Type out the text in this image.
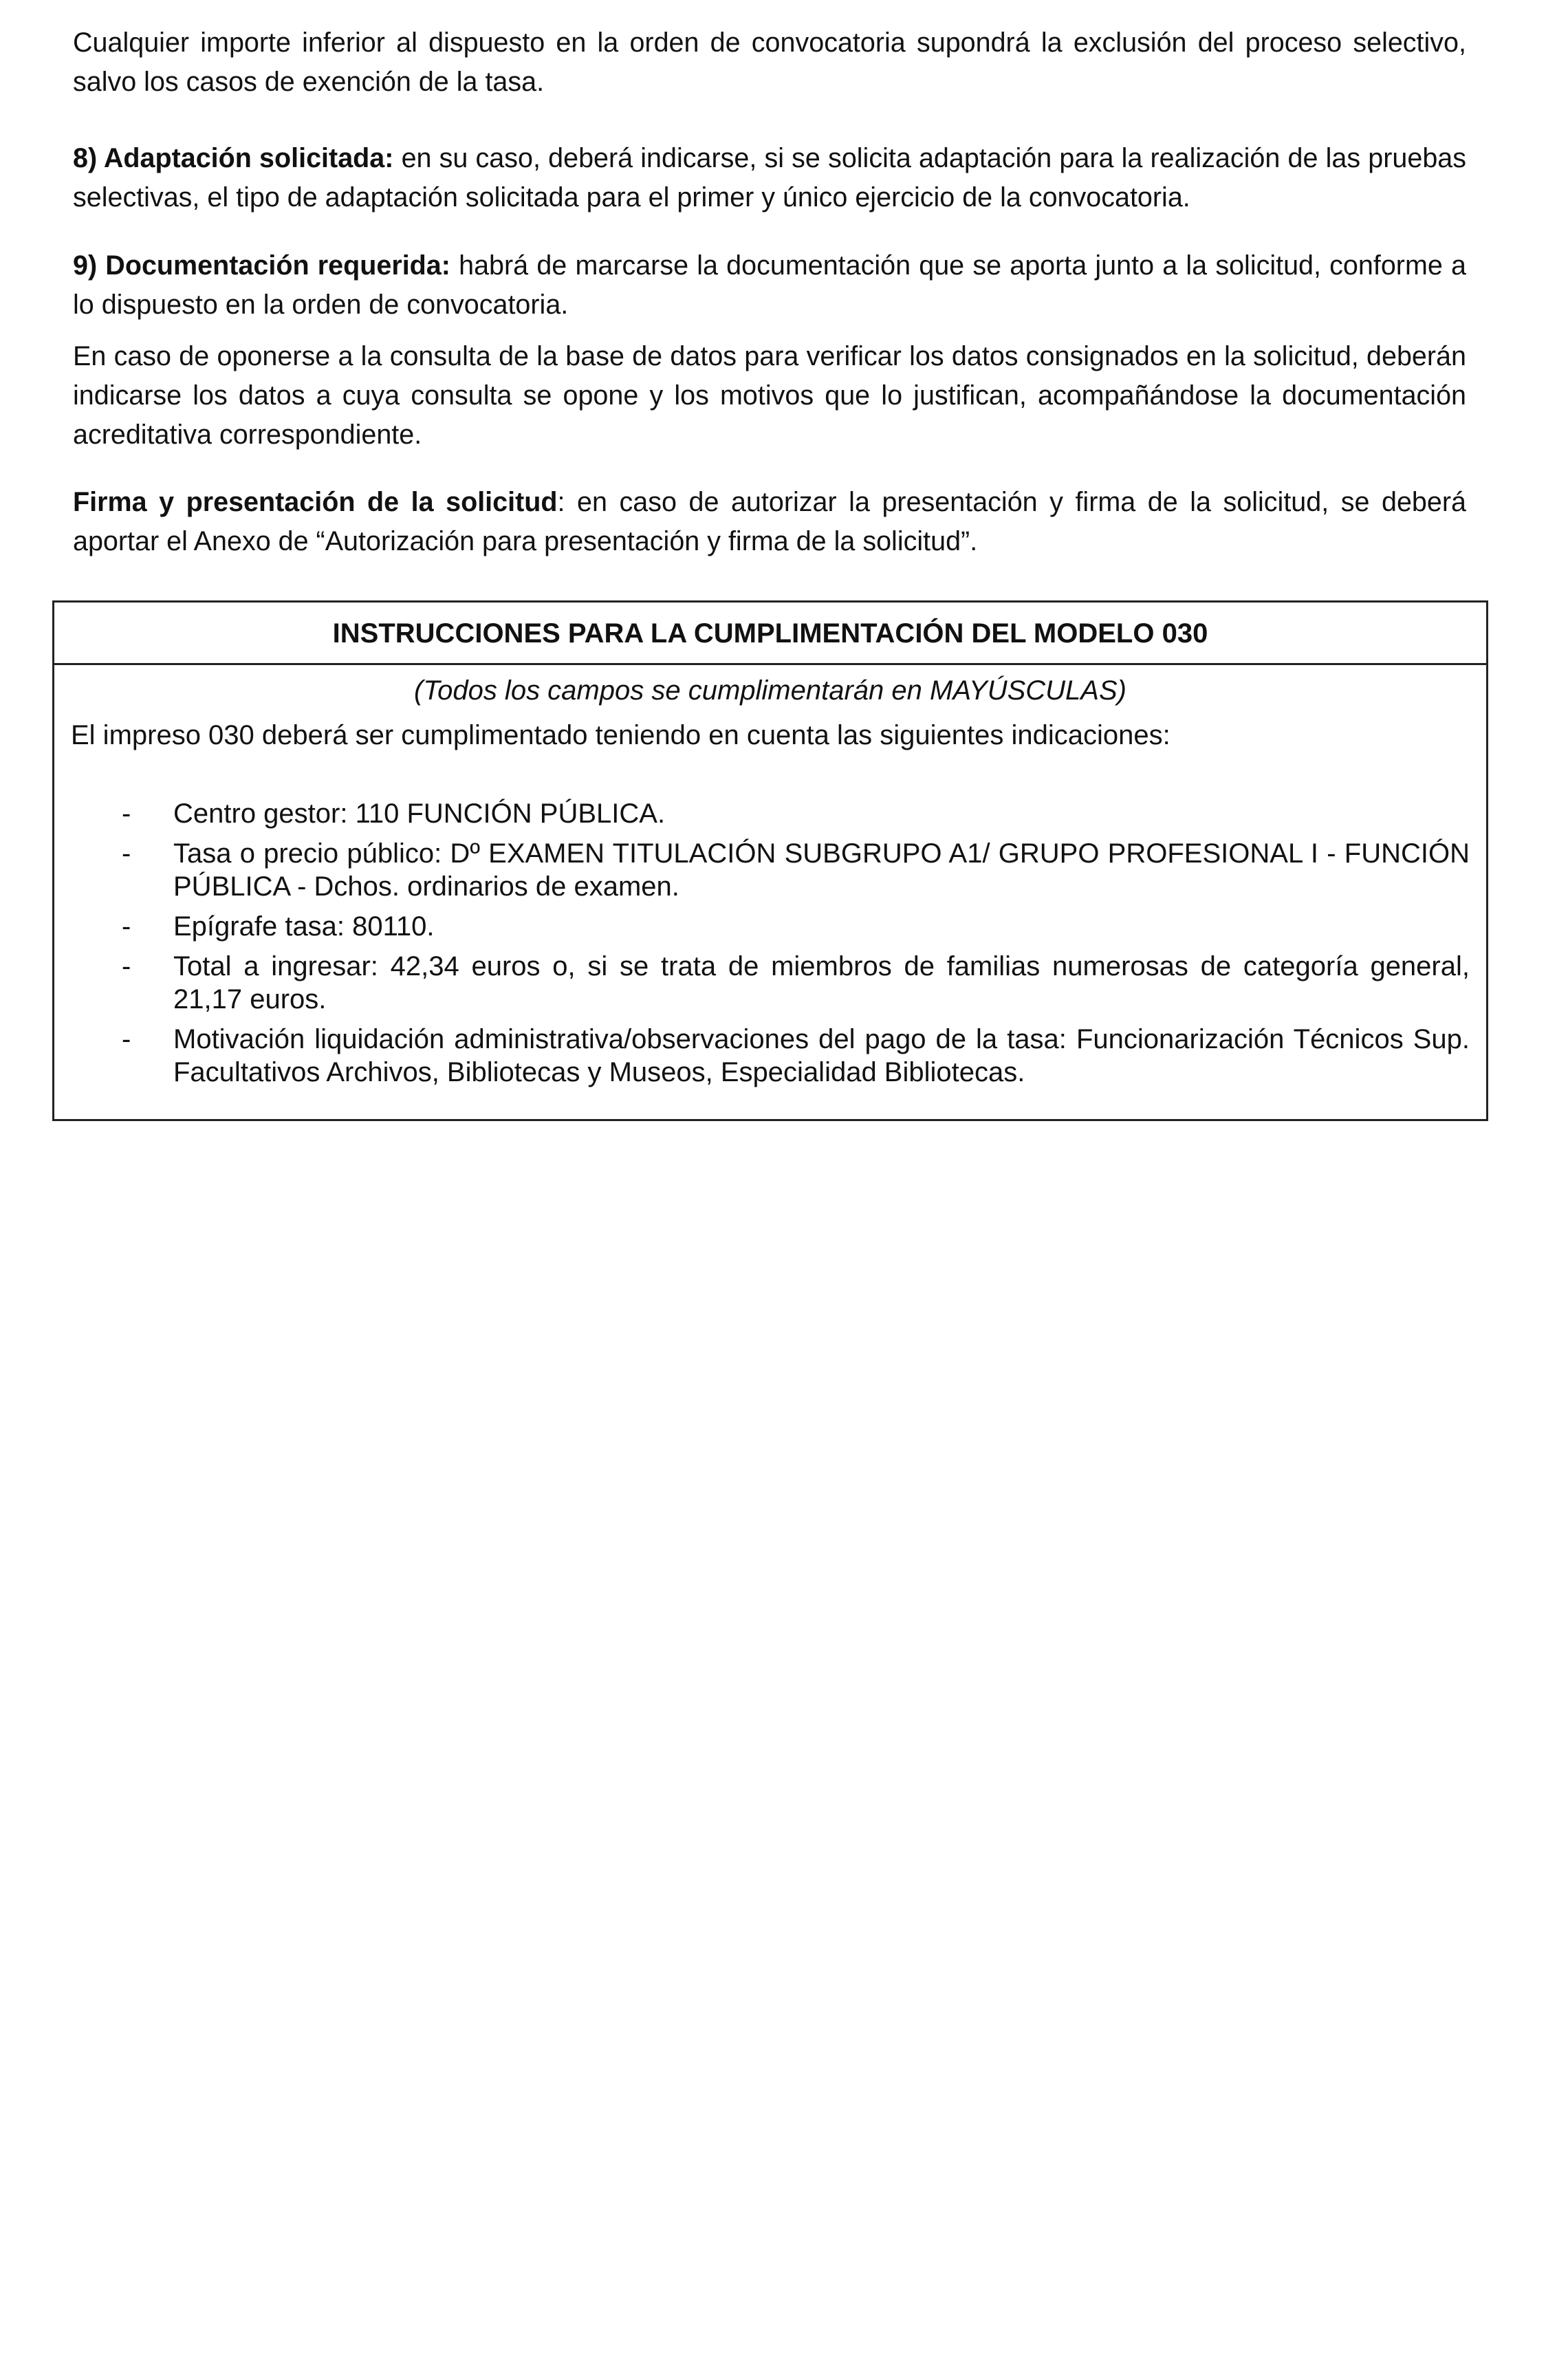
Cualquier importe inferior al dispuesto en la orden de convocatoria supondrá la exclusión del proceso selectivo, salvo los casos de exención de la tasa.

8) Adaptación solicitada: en su caso, deberá indicarse, si se solicita adaptación para la realización de las pruebas selectivas, el tipo de adaptación solicitada para el primer y único ejercicio de la convocatoria.

9) Documentación requerida: habrá de marcarse la documentación que se aporta junto a la solicitud, conforme a lo dispuesto en la orden de convocatoria.

En caso de oponerse a la consulta de la base de datos para verificar los datos consignados en la solicitud, deberán indicarse los datos a cuya consulta se opone y los motivos que lo justifican, acompañándose la documentación acreditativa correspondiente.

Firma y presentación de la solicitud: en caso de autorizar la presentación y firma de la solicitud, se deberá aportar el Anexo de “Autorización para presentación y firma de la solicitud”.

INSTRUCCIONES PARA LA CUMPLIMENTACIÓN DEL MODELO 030
(Todos los campos se cumplimentarán en MAYÚSCULAS)
El impreso 030 deberá ser cumplimentado teniendo en cuenta las siguientes indicaciones:
- Centro gestor: 110 FUNCIÓN PÚBLICA.
- Tasa o precio público: Dº EXAMEN TITULACIÓN SUBGRUPO A1/ GRUPO PROFESIONAL I - FUNCIÓN PÚBLICA - Dchos. ordinarios de examen.
- Epígrafe tasa: 80110.
- Total a ingresar: 42,34 euros o, si se trata de miembros de familias numerosas de categoría general, 21,17 euros.
- Motivación liquidación administrativa/observaciones del pago de la tasa: Funcionarización Técnicos Sup. Facultativos Archivos, Bibliotecas y Museos, Especialidad Bibliotecas.
